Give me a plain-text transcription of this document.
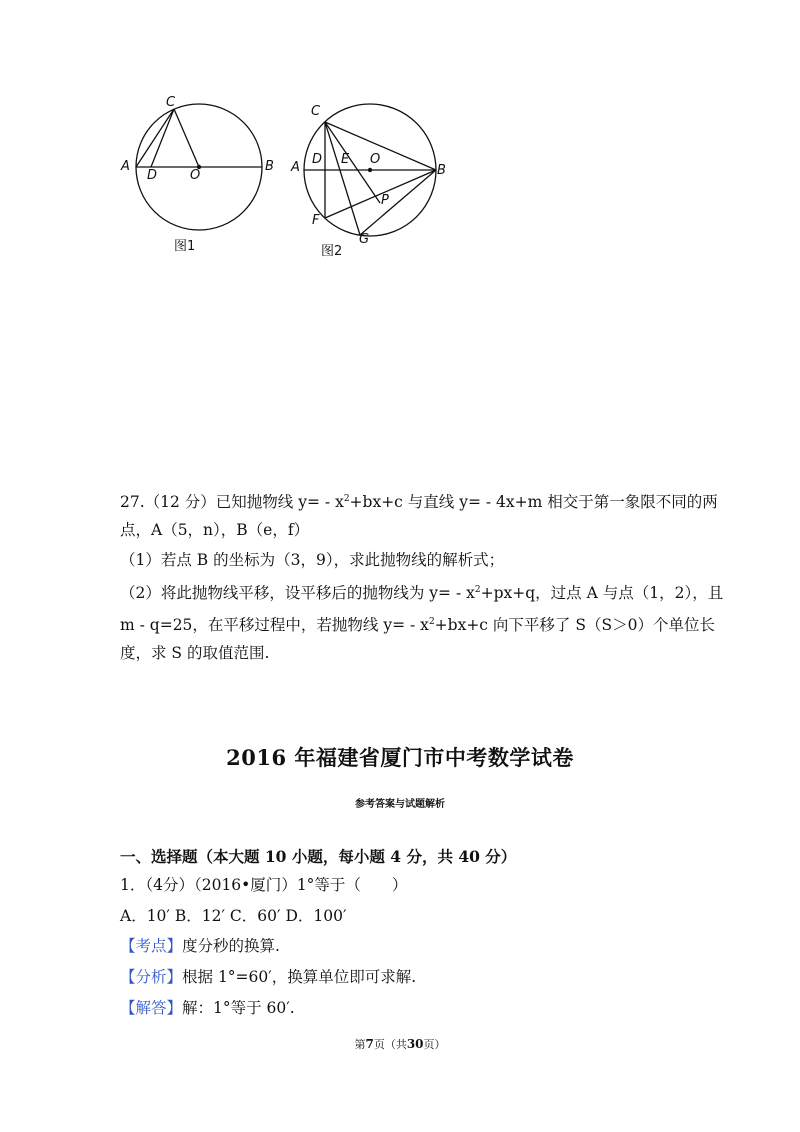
C
A
D	O
B
图1
C
D E O
A	B
P
F
G
图2
27.（12 分）已知抛物线 $y= - x^2+bx+c$ 与直线 y= - 4x+m 相交于第一象限不同的两
点，A（5，n），B（e，f）
（1）若点 B 的坐标为（3，9），求此抛物线的解析式；
（2）将此抛物线平移，设平移后的抛物线为 $y= - x^2+px+q$，过点 A 与点（1，2），且
m - q=25，在平移过程中，若抛物线 $y= - x^2+bx+c$ 向下平移了 S（S＞0）个单位长
度，求 S 的取值范围.
2016 年福建省厦门市中考数学试卷
参考答案与试题解析
一、选择题（本大题 10 小题，每小题 4 分，共 40 分）
1．（4分）（2016•厦门）1°等于（　　）
A．10′ B．12′ C．60′ D．100′
【考点】度分秒的换算.
【分析】根据 1°=60′，换算单位即可求解.
【解答】解：1°等于 60′.
第7页（共30页）
